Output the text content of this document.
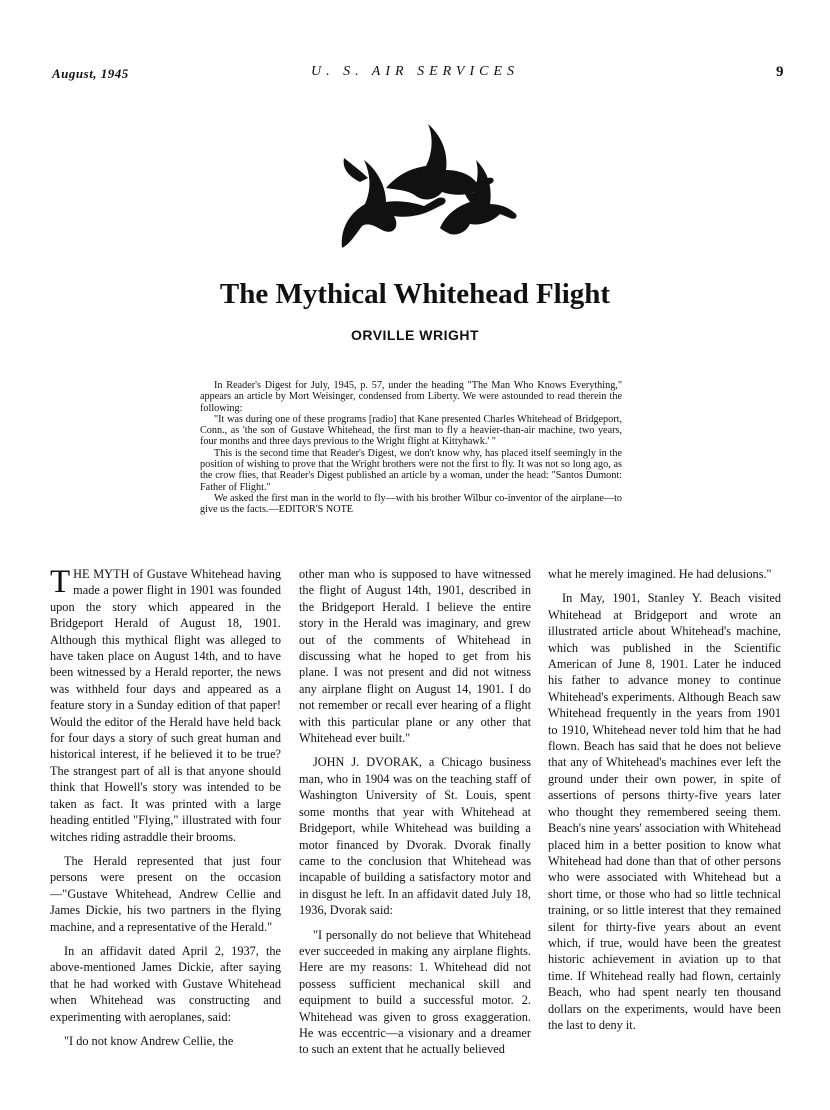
August, 1945	U. S. AIR SERVICES	9
The Mythical Whitehead Flight
ORVILLE WRIGHT

In Reader's Digest for July, 1945, p. 57, under the heading "The Man Who Knows Everything," appears an article by Mort Weisinger, condensed from Liberty. We were astounded to read therein the following:

"It was during one of these programs [radio] that Kane presented Charles Whitehead of Bridgeport, Conn., as 'the son of Gustave Whitehead, the first man to fly a heavier-than-air machine, two years, four months and three days previous to the Wright flight at Kittyhawk.' "

This is the second time that Reader's Digest, we don't know why, has placed itself seemingly in the position of wishing to prove that the Wright brothers were not the first to fly. It was not so long ago, as the crow flies, that Reader's Digest published an article by a woman, under the head: "Santos Dumont: Father of Flight."

We asked the first man in the world to fly—with his brother Wilbur co-inventor of the airplane—to give us the facts.—EDITOR'S NOTE

THE MYTH of Gustave Whitehead having made a power flight in 1901 was founded upon the story which appeared in the Bridgeport Herald of August 18, 1901. Although this mythical flight was alleged to have taken place on August 14th, and to have been witnessed by a Herald reporter, the news was withheld four days and appeared as a feature story in a Sunday edition of that paper! Would the editor of the Herald have held back for four days a story of such great human and historical interest, if he believed it to be true? The strangest part of all is that anyone should think that Howell's story was intended to be taken as fact. It was printed with a large heading entitled "Flying," illustrated with four witches riding astraddle their brooms.

The Herald represented that just four persons were present on the occasion—"Gustave Whitehead, Andrew Cellie and James Dickie, his two partners in the flying machine, and a representative of the Herald."

In an affidavit dated April 2, 1937, the above-mentioned James Dickie, after saying that he had worked with Gustave Whitehead when Whitehead was constructing and experimenting with aeroplanes, said:

"I do not know Andrew Cellie, the

other man who is supposed to have witnessed the flight of August 14th, 1901, described in the Bridgeport Herald. I believe the entire story in the Herald was imaginary, and grew out of the comments of Whitehead in discussing what he hoped to get from his plane. I was not present and did not witness any airplane flight on August 14, 1901. I do not remember or recall ever hearing of a flight with this particular plane or any other that Whitehead ever built."

JOHN J. DVORAK, a Chicago business man, who in 1904 was on the teaching staff of Washington University of St. Louis, spent some months that year with Whitehead at Bridgeport, while Whitehead was building a motor financed by Dvorak. Dvorak finally came to the conclusion that Whitehead was incapable of building a satisfactory motor and in disgust he left. In an affidavit dated July 18, 1936, Dvorak said:

"I personally do not believe that Whitehead ever succeeded in making any airplane flights. Here are my reasons: 1. Whitehead did not possess sufficient mechanical skill and equipment to build a successful motor. 2. Whitehead was given to gross exaggeration. He was eccentric—a visionary and a dreamer to such an extent that he actually believed

what he merely imagined. He had delusions."

In May, 1901, Stanley Y. Beach visited Whitehead at Bridgeport and wrote an illustrated article about Whitehead's machine, which was published in the Scientific American of June 8, 1901. Later he induced his father to advance money to continue Whitehead's experiments. Although Beach saw Whitehead frequently in the years from 1901 to 1910, Whitehead never told him that he had flown. Beach has said that he does not believe that any of Whitehead's machines ever left the ground under their own power, in spite of assertions of persons thirty-five years later who thought they remembered seeing them. Beach's nine years' association with Whitehead placed him in a better position to know what Whitehead had done than that of other persons who were associated with Whitehead but a short time, or those who had so little technical training, or so little interest that they remained silent for thirty-five years about an event which, if true, would have been the greatest historic achievement in aviation up to that time. If Whitehead really had flown, certainly Beach, who had spent nearly ten thousand dollars on the experiments, would have been the last to deny it.
